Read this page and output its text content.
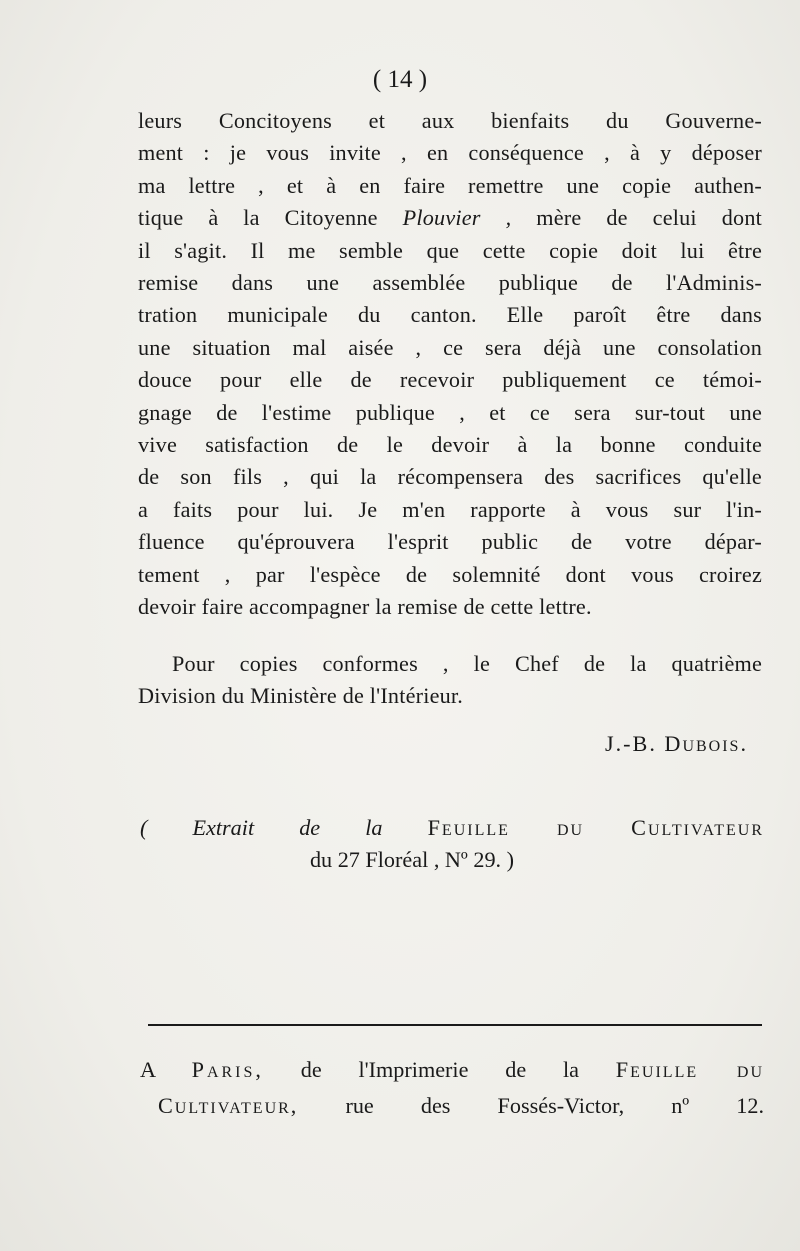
( 14 )
leurs Concitoyens et aux bienfaits du Gouverne-
ment : je vous invite , en conséquence , à y déposer
ma lettre , et à en faire remettre une copie authen-
tique à la Citoyenne Plouvier , mère de celui dont
il s'agit. Il me semble que cette copie doit lui être
remise dans une assemblée publique de l'Adminis-
tration municipale du canton. Elle paroît être dans
une situation mal aisée , ce sera déjà une consolation
douce pour elle de recevoir publiquement ce témoi-
gnage de l'estime publique , et ce sera sur-tout une
vive satisfaction de le devoir à la bonne conduite
de son fils , qui la récompensera des sacrifices qu'elle
a faits pour lui. Je m'en rapporte à vous sur l'in-
fluence qu'éprouvera l'esprit public de votre dépar-
tement , par l'espèce de solemnité dont vous croirez
devoir faire accompagner la remise de cette lettre.
Pour copies conformes , le Chef de la quatrième
Division du Ministère de l'Intérieur.
J.-B. Dubois.
( Extrait de la Feuille du Cultivateur
du 27 Floréal , Nº 29. )
A Paris, de l'Imprimerie de la Feuille du
Cultivateur, rue des Fossés-Victor, nº 12.
